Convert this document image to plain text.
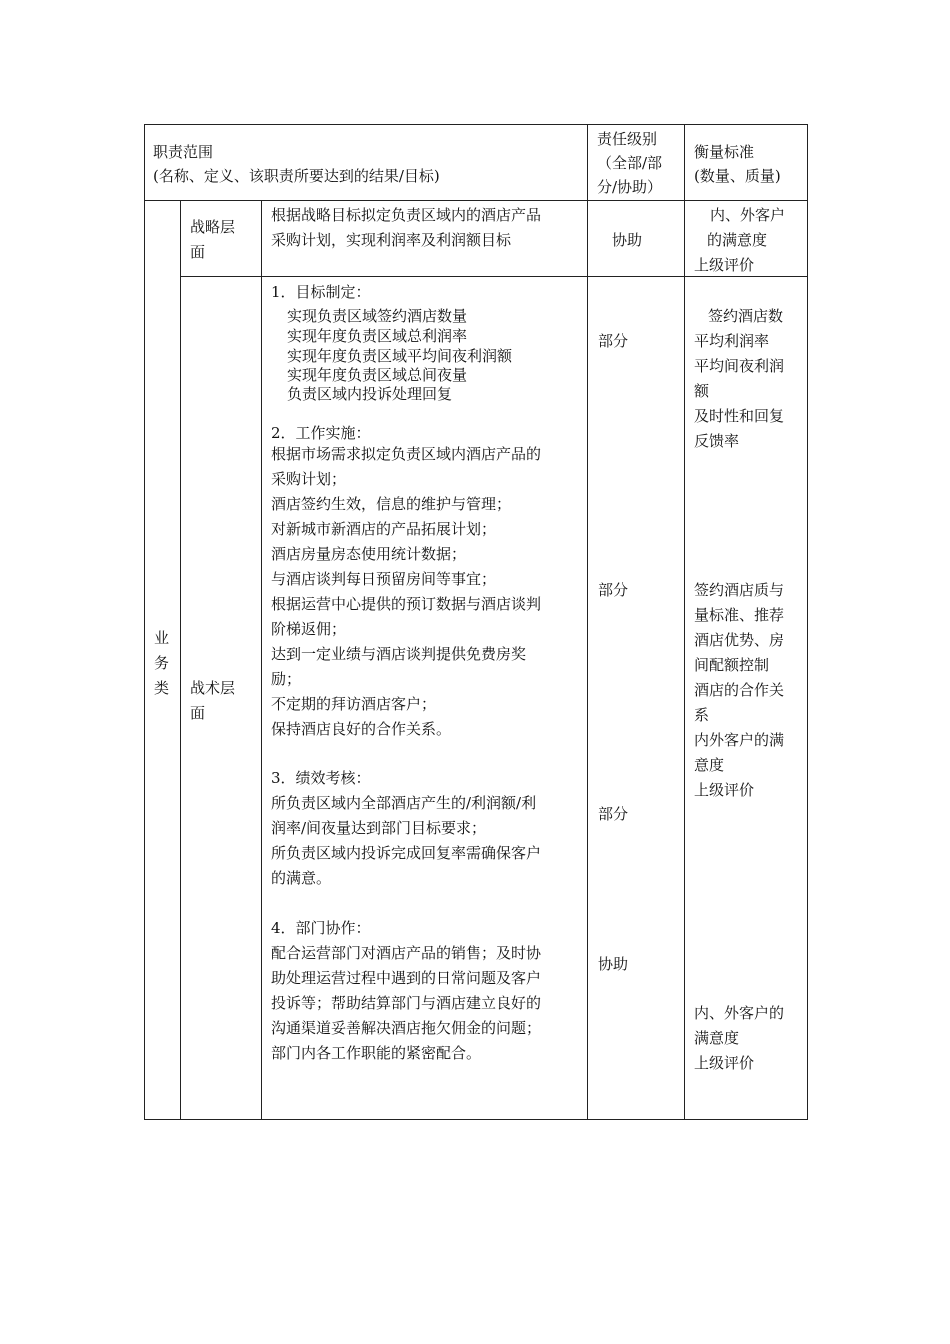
职责范围
(名称、定义、该职责所要达到的结果/目标)
责任级别
（全部/部
分/协助）
衡量标准
(数量、质量)
业
务
类
战略层
面
根据战略目标拟定负责区域内的酒店产品
采购计划，实现利润率及利润额目标	协助
内、外客户
的满意度
上级评价
战术层
面
1．目标制定：
实现负责区域签约酒店数量
实现年度负责区域总利润率
实现年度负责区域平均间夜利润额
实现年度负责区域总间夜量
负责区域内投诉处理回复
2．工作实施：
根据市场需求拟定负责区域内酒店产品的
采购计划；
酒店签约生效，信息的维护与管理；
对新城市新酒店的产品拓展计划；
酒店房量房态使用统计数据；
与酒店谈判每日预留房间等事宜；
根据运营中心提供的预订数据与酒店谈判
阶梯返佣；
达到一定业绩与酒店谈判提供免费房奖
励；
不定期的拜访酒店客户；
保持酒店良好的合作关系。
3．绩效考核：
所负责区域内全部酒店产生的/利润额/利
润率/间夜量达到部门目标要求；
所负责区域内投诉完成回复率需确保客户
的满意。
4．部门协作：
配合运营部门对酒店产品的销售；及时协
助处理运营过程中遇到的日常问题及客户
投诉等；帮助结算部门与酒店建立良好的
沟通渠道妥善解决酒店拖欠佣金的问题；
部门内各工作职能的紧密配合。
部分
部分
部分
协助
签约酒店数
平均利润率
平均间夜利润
额
及时性和回复
反馈率
签约酒店质与
量标准、推荐
酒店优势、房
间配额控制
酒店的合作关
系
内外客户的满
意度
上级评价
内、外客户的
满意度
上级评价
